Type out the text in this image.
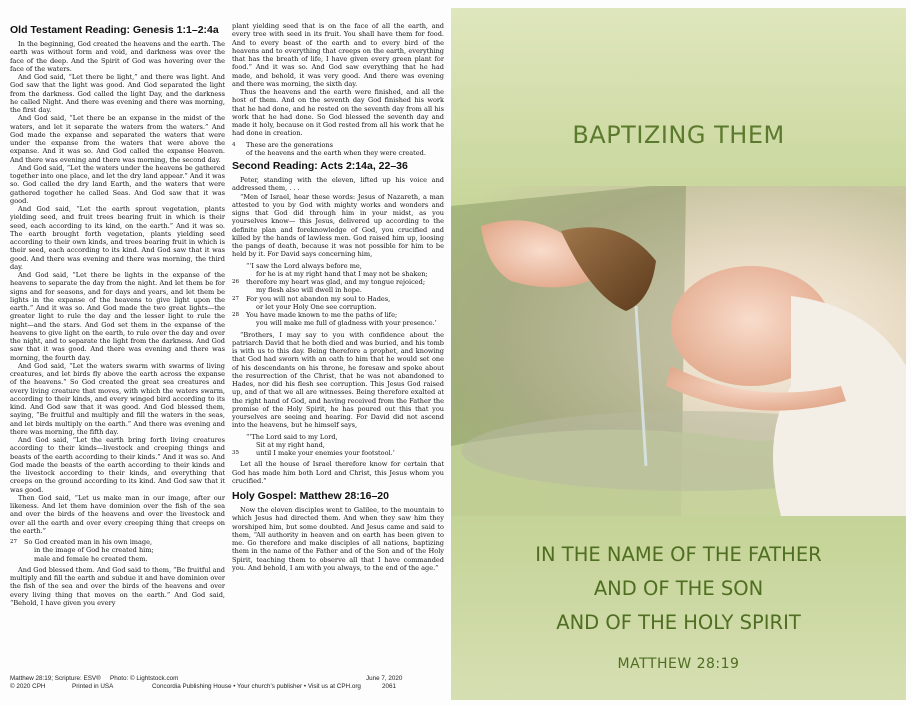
Old Testament Reading: Genesis 1:1–2:4a

In the beginning, God created the heavens and the earth. The earth was without form and void, and darkness was over the face of the deep. And the Spirit of God was hovering over the face of the waters.

And God said, “Let there be light,” and there was light. And God saw that the light was good. And God separated the light from the darkness. God called the light Day, and the darkness he called Night. And there was evening and there was morning, the first day.

And God said, “Let there be an expanse in the midst of the waters, and let it separate the waters from the waters.” And God made the expanse and separated the waters that were under the expanse from the waters that were above the expanse. And it was so. And God called the expanse Heaven. And there was evening and there was morning, the second day.

And God said, “Let the waters under the heavens be gathered together into one place, and let the dry land appear.” And it was so. God called the dry land Earth, and the waters that were gathered together he called Seas. And God saw that it was good.

And God said, “Let the earth sprout vegetation, plants yielding seed, and fruit trees bearing fruit in which is their seed, each according to its kind, on the earth.” And it was so. The earth brought forth vegetation, plants yielding seed according to their own kinds, and trees bearing fruit in which is their seed, each according to its kind. And God saw that it was good. And there was evening and there was morning, the third day.

And God said, “Let there be lights in the expanse of the heavens to separate the day from the night. And let them be for signs and for seasons, and for days and years, and let them be lights in the expanse of the heavens to give light upon the earth.” And it was so. And God made the two great lights—the greater light to rule the day and the lesser light to rule the night—and the stars. And God set them in the expanse of the heavens to give light on the earth, to rule over the day and over the night, and to separate the light from the darkness. And God saw that it was good. And there was evening and there was morning, the fourth day.

And God said, “Let the waters swarm with swarms of living creatures, and let birds fly above the earth across the expanse of the heavens.” So God created the great sea creatures and every living creature that moves, with which the waters swarm, according to their kinds, and every winged bird according to its kind. And God saw that it was good. And God blessed them, saying, “Be fruitful and multiply and fill the waters in the seas, and let birds multiply on the earth.” And there was evening and there was morning, the fifth day.

And God said, “Let the earth bring forth living creatures according to their kinds—livestock and creeping things and beasts of the earth according to their kinds.” And it was so. And God made the beasts of the earth according to their kinds and the livestock according to their kinds, and everything that creeps on the ground according to its kind. And God saw that it was good.

Then God said, “Let us make man in our image, after our likeness. And let them have dominion over the fish of the sea and over the birds of the heavens and over the livestock and over all the earth and over every creeping thing that creeps on the earth.”

27	So God created man in his own image,
in the image of God he created him;
male and female he created them.

And God blessed them. And God said to them, “Be fruitful and multiply and fill the earth and subdue it and have dominion over the fish of the sea and over the birds of the heavens and over every living thing that moves on the earth.” And God said, “Behold, I have given you every

plant yielding seed that is on the face of all the earth, and every tree with seed in its fruit. You shall have them for food. And to every beast of the earth and to every bird of the heavens and to everything that creeps on the earth, everything that has the breath of life, I have given every green plant for food.” And it was so. And God saw everything that he had made, and behold, it was very good. And there was evening and there was morning, the sixth day.

Thus the heavens and the earth were finished, and all the host of them. And on the seventh day God finished his work that he had done, and he rested on the seventh day from all his work that he had done. So God blessed the seventh day and made it holy, because on it God rested from all his work that he had done in creation.

4	These are the generations
of the heavens and the earth when they were created.
Second Reading: Acts 2:14a, 22–36

Peter, standing with the eleven, lifted up his voice and addressed them, . . .

“Men of Israel, hear these words: Jesus of Nazareth, a man attested to you by God with mighty works and wonders and signs that God did through him in your midst, as you yourselves know— this Jesus, delivered up according to the definite plan and foreknowledge of God, you crucified and killed by the hands of lawless men. God raised him up, loosing the pangs of death, because it was not possible for him to be held by it. For David says concerning him,

“‘I saw the Lord always before me,
for he is at my right hand that I may not be shaken;
26	therefore my heart was glad, and my tongue rejoiced;
my flesh also will dwell in hope.
27	For you will not abandon my soul to Hades,
or let your Holy One see corruption.
28	You have made known to me the paths of life;
you will make me full of gladness with your presence.’

“Brothers, I may say to you with confidence about the patriarch David that he both died and was buried, and his tomb is with us to this day. Being therefore a prophet, and knowing that God had sworn with an oath to him that he would set one of his descendants on his throne, he foresaw and spoke about the resurrection of the Christ, that he was not abandoned to Hades, nor did his flesh see corruption. This Jesus God raised up, and of that we all are witnesses. Being therefore exalted at the right hand of God, and having received from the Father the promise of the Holy Spirit, he has poured out this that you yourselves are seeing and hearing. For David did not ascend into the heavens, but he himself says,

“‘The Lord said to my Lord,
Sit at my right hand,
35	until I make your enemies your footstool.’

Let all the house of Israel therefore know for certain that God has made him both Lord and Christ, this Jesus whom you crucified.”

Holy Gospel: Matthew 28:16–20

Now the eleven disciples went to Galilee, to the mountain to which Jesus had directed them. And when they saw him they worshiped him, but some doubted. And Jesus came and said to them, “All authority in heaven and on earth has been given to me. Go therefore and make disciples of all nations, baptizing them in the name of the Father and of the Son and of the Holy Spirit, teaching them to observe all that I have commanded you. And behold, I am with you always, to the end of the age.”

Matthew 28:19; Scripture: ESV®
© 2020 CPH
Photo: © Lightstock.com
Printed in USA	Concordia Publishing House • Your church’s publisher • Visit us at CPH.org
June 7, 2020
2061
BAPTIZING THEM
IN THE NAME OF THE FATHER
AND OF THE SON
AND OF THE HOLY SPIRIT
MATTHEW 28:19
